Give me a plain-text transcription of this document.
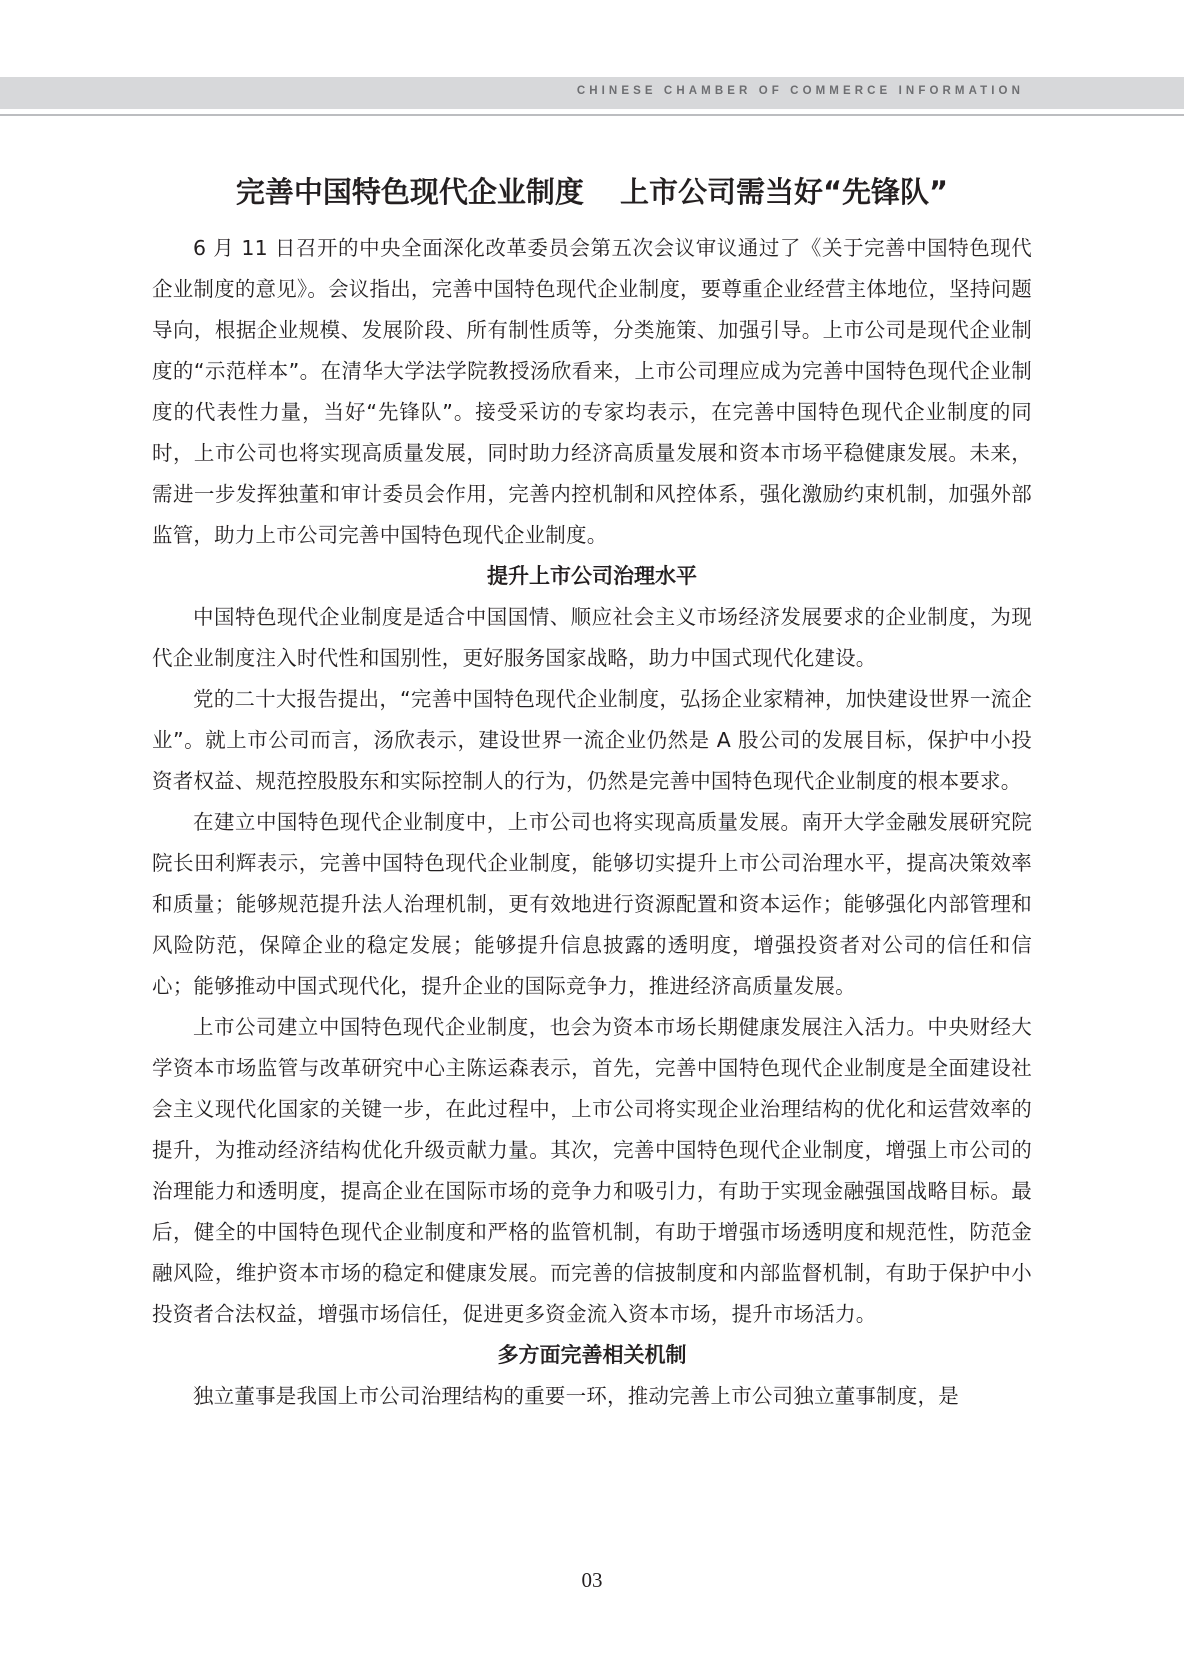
CHINESE CHAMBER OF COMMERCE INFORMATION
完善中国特色现代企业制度 上市公司需当好“先锋队”

6 月 11 日召开的中央全面深化改革委员会第五次会议审议通过了《关于完善中国特色现代企业制度的意见》。会议指出，完善中国特色现代企业制度，要尊重企业经营主体地位，坚持问题导向，根据企业规模、发展阶段、所有制性质等，分类施策、加强引导。上市公司是现代企业制度的“示范样本”。在清华大学法学院教授汤欣看来，上市公司理应成为完善中国特色现代企业制度的代表性力量，当好“先锋队”。接受采访的专家均表示，在完善中国特色现代企业制度的同时，上市公司也将实现高质量发展，同时助力经济高质量发展和资本市场平稳健康发展。未来，需进一步发挥独董和审计委员会作用，完善内控机制和风控体系，强化激励约束机制，加强外部监管，助力上市公司完善中国特色现代企业制度。

提升上市公司治理水平

中国特色现代企业制度是适合中国国情、顺应社会主义市场经济发展要求的企业制度，为现代企业制度注入时代性和国别性，更好服务国家战略，助力中国式现代化建设。

党的二十大报告提出，“完善中国特色现代企业制度，弘扬企业家精神，加快建设世界一流企业”。就上市公司而言，汤欣表示，建设世界一流企业仍然是 A 股公司的发展目标，保护中小投资者权益、规范控股股东和实际控制人的行为，仍然是完善中国特色现代企业制度的根本要求。

在建立中国特色现代企业制度中，上市公司也将实现高质量发展。南开大学金融发展研究院院长田利辉表示，完善中国特色现代企业制度，能够切实提升上市公司治理水平，提高决策效率和质量；能够规范提升法人治理机制，更有效地进行资源配置和资本运作；能够强化内部管理和风险防范，保障企业的稳定发展；能够提升信息披露的透明度，增强投资者对公司的信任和信心；能够推动中国式现代化，提升企业的国际竞争力，推进经济高质量发展。

上市公司建立中国特色现代企业制度，也会为资本市场长期健康发展注入活力。中央财经大学资本市场监管与改革研究中心主陈运森表示，首先，完善中国特色现代企业制度是全面建设社会主义现代化国家的关键一步，在此过程中，上市公司将实现企业治理结构的优化和运营效率的提升，为推动经济结构优化升级贡献力量。其次，完善中国特色现代企业制度，增强上市公司的治理能力和透明度，提高企业在国际市场的竞争力和吸引力，有助于实现金融强国战略目标。最后，健全的中国特色现代企业制度和严格的监管机制，有助于增强市场透明度和规范性，防范金融风险，维护资本市场的稳定和健康发展。而完善的信披制度和内部监督机制，有助于保护中小投资者合法权益，增强市场信任，促进更多资金流入资本市场，提升市场活力。

多方面完善相关机制

独立董事是我国上市公司治理结构的重要一环，推动完善上市公司独立董事制度，是

03
